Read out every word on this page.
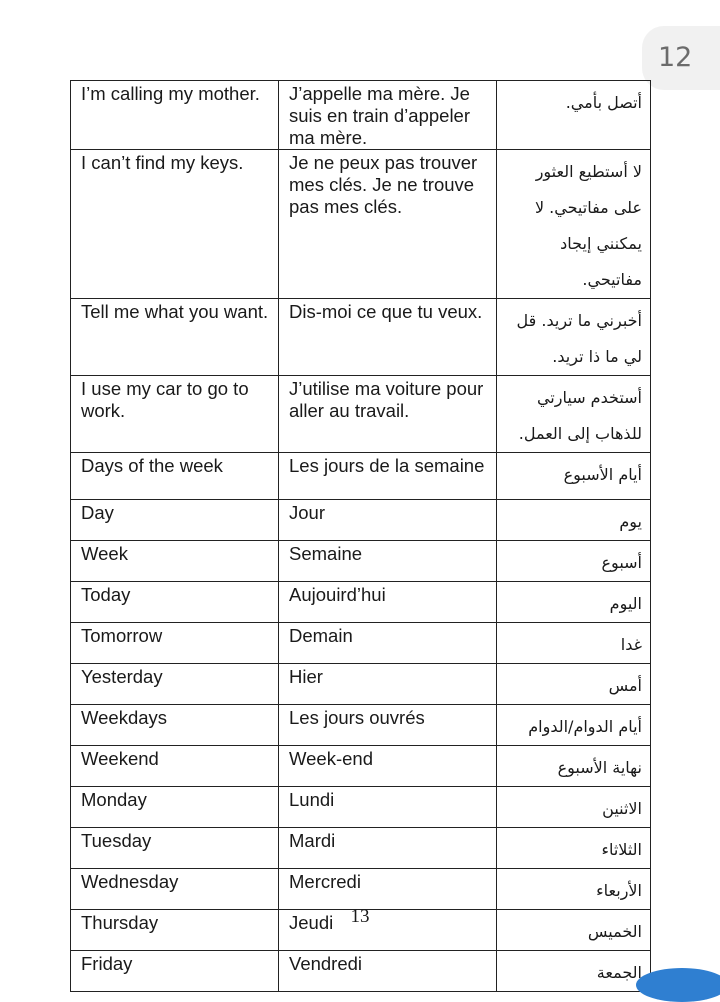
12
I’m calling my mother.	J’appelle ma mère. Je suis en train d’appeler ma mère.	أتصل بأمي.
I can’t find my keys.	Je ne peux pas trouver mes clés. Je ne trouve pas mes clés.	لا أستطيع العثور على مفاتيحي. لا يمكنني إيجاد مفاتيحي.
Tell me what you want.	Dis-moi ce que tu veux.	أخبرني ما تريد. قل لي ما ذا تريد.
I use my car to go to work.	J’utilise ma voiture pour aller au travail.	أستخدم سيارتي للذهاب إلى العمل.
Days of the week	Les jours de la semaine	أيام الأسبوع
Day	Jour	يوم
Week	Semaine	أسبوع
Today	Aujouird’hui	اليوم
Tomorrow	Demain	غدا
Yesterday	Hier	أمس
Weekdays	Les jours ouvrés	أيام الدوام/الدوام
Weekend	Week-end	نهاية الأسبوع
Monday	Lundi	الاثنين
Tuesday	Mardi	الثلاثاء
Wednesday	Mercredi	الأربعاء
Thursday	Jeudi	الخميس
Friday	Vendredi	الجمعة
13
